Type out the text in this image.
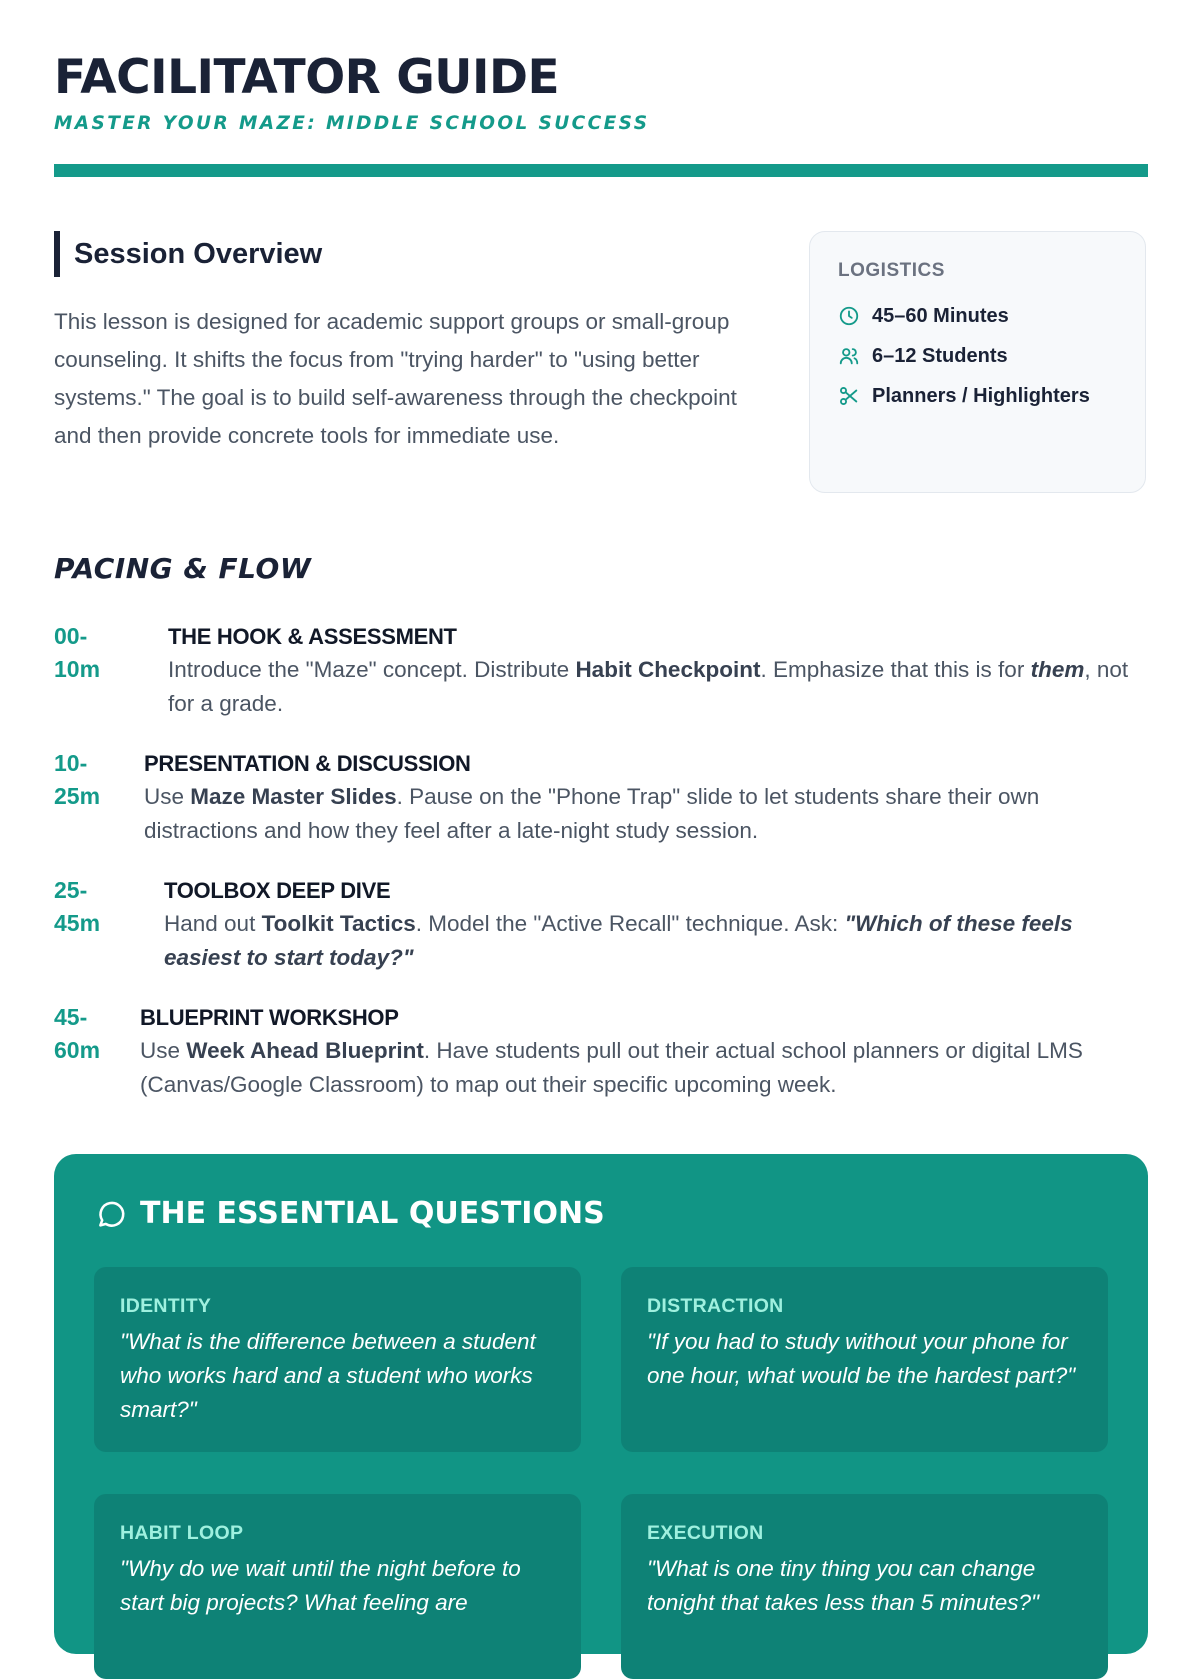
FACILITATOR GUIDE
MASTER YOUR MAZE: MIDDLE SCHOOL SUCCESS
Session Overview

This lesson is designed for academic support groups or small-group counseling. It shifts the focus from "trying harder" to "using better systems." The goal is to build self-awareness through the checkpoint and then provide concrete tools for immediate use.

LOGISTICS
45–60 Minutes
6–12 Students
Planners / Highlighters
PACING & FLOW
00-
10m
THE HOOK & ASSESSMENT
Introduce the "Maze" concept. Distribute Habit Checkpoint. Emphasize that this is for them, not for a grade.
10-
25m
PRESENTATION & DISCUSSION
Use Maze Master Slides. Pause on the "Phone Trap" slide to let students share their own distractions and how they feel after a late-night study session.
25-
45m
TOOLBOX DEEP DIVE
Hand out Toolkit Tactics. Model the "Active Recall" technique. Ask: "Which of these feels easiest to start today?"
45-
60m
BLUEPRINT WORKSHOP
Use Week Ahead Blueprint. Have students pull out their actual school planners or digital LMS (Canvas/Google Classroom) to map out their specific upcoming week.
THE ESSENTIAL QUESTIONS
IDENTITY
"What is the difference between a student who works hard and a student who works smart?"
DISTRACTION
"If you had to study without your phone for one hour, what would be the hardest part?"
HABIT LOOP
"Why do we wait until the night before to start big projects? What feeling are
EXECUTION
"What is one tiny thing you can change tonight that takes less than 5 minutes?"
